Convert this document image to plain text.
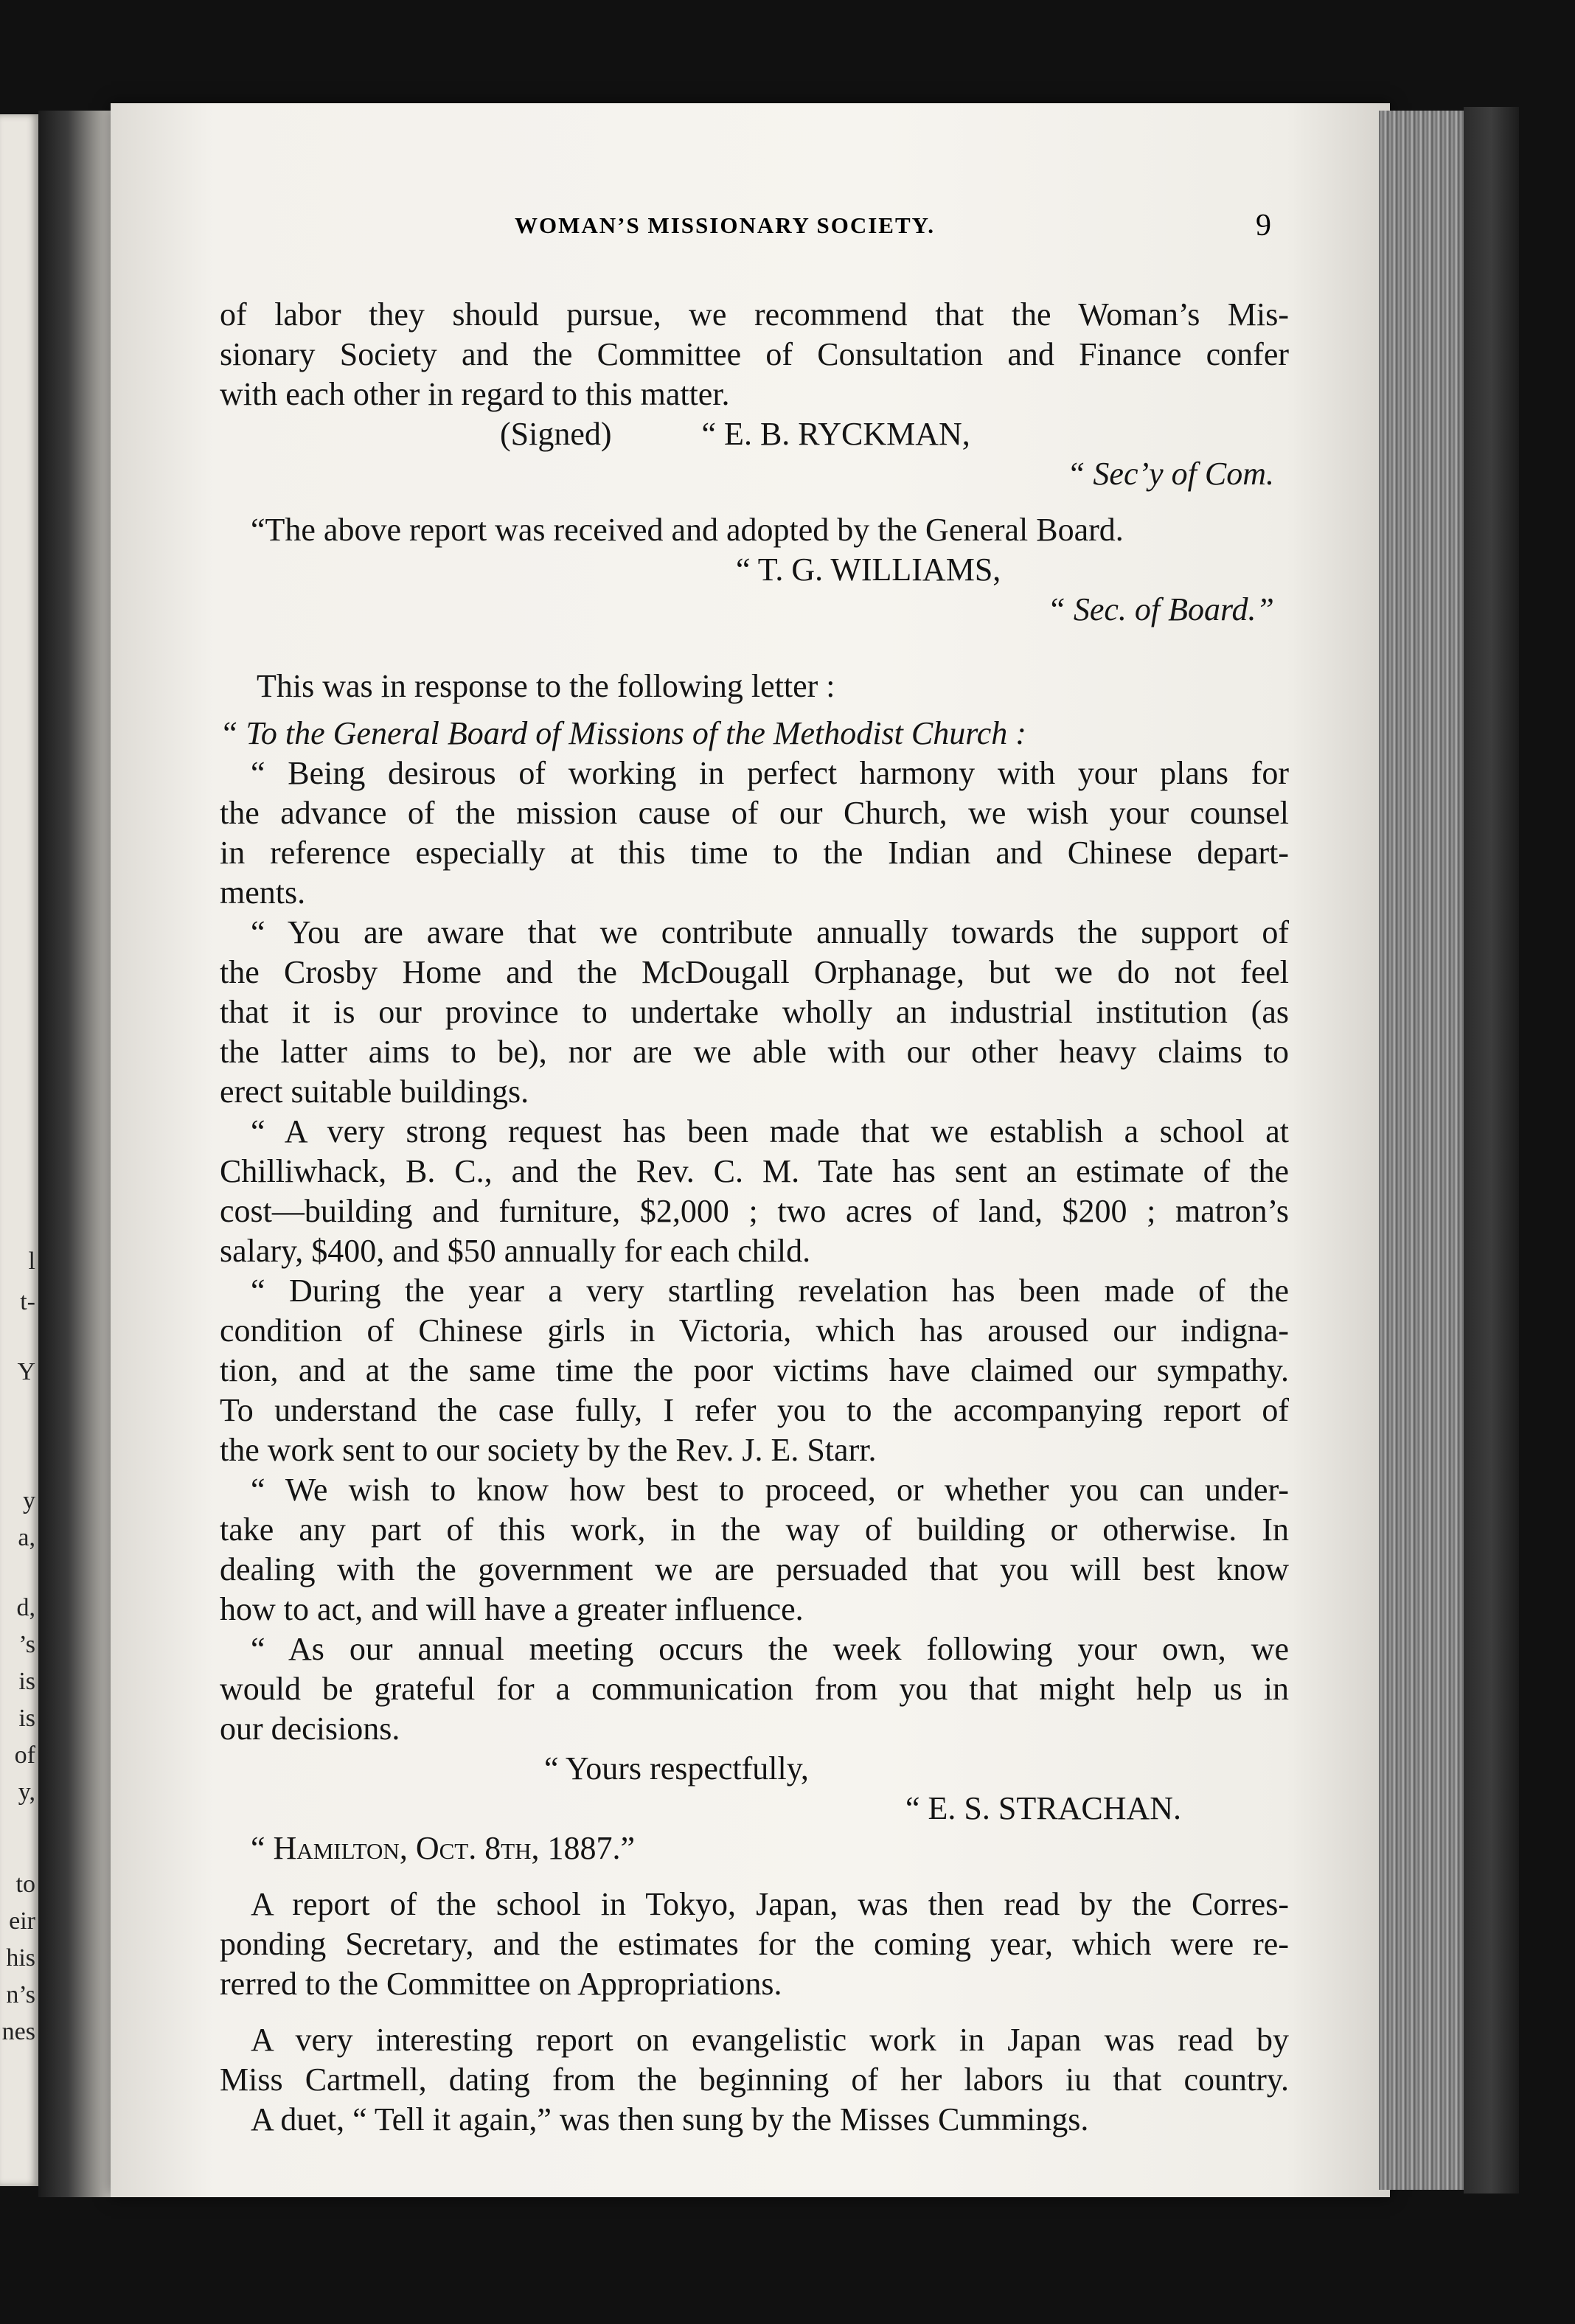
l
t-
Y
y
a,
d,
’s
is
is
of
y,
to
eir
his
n’s
nes
WOMAN’S MISSIONARY SOCIETY.	9
of labor they should pursue, we recommend that the Woman’s Mis-
sionary Society and the Committee of Consultation and Finance confer
with each other in regard to this matter.
(Signed)	“ E. B. RYCKMAN,
“ Sec’y of Com.
“The above report was received and adopted by the General Board.
“ T. G. WILLIAMS,
“ Sec. of Board.”
This was in response to the following letter :
“ To the General Board of Missions of the Methodist Church :
“ Being desirous of working in perfect harmony with your plans for
the advance of the mission cause of our Church, we wish your counsel
in reference especially at this time to the Indian and Chinese depart-
ments.
“ You are aware that we contribute annually towards the support of
the Crosby Home and the McDougall Orphanage, but we do not feel
that it is our province to undertake wholly an industrial institution (as
the latter aims to be), nor are we able with our other heavy claims to
erect suitable buildings.
“ A very strong request has been made that we establish a school at
Chilliwhack, B. C., and the Rev. C. M. Tate has sent an estimate of the
cost—building and furniture, $2,000 ; two acres of land, $200 ; matron’s
salary, $400, and $50 annually for each child.
“ During the year a very startling revelation has been made of the
condition of Chinese girls in Victoria, which has aroused our indigna-
tion, and at the same time the poor victims have claimed our sympathy.
To understand the case fully, I refer you to the accompanying report of
the work sent to our society by the Rev. J. E. Starr.
“ We wish to know how best to proceed, or whether you can under-
take any part of this work, in the way of building or otherwise. In
dealing with the government we are persuaded that you will best know
how to act, and will have a greater influence.
“ As our annual meeting occurs the week following your own, we
would be grateful for a communication from you that might help us in
our decisions.
“ Yours respectfully,
“ E. S. STRACHAN.
“ Hamilton, Oct. 8th, 1887.”
A report of the school in Tokyo, Japan, was then read by the Corres-
ponding Secretary, and the estimates for the coming year, which were re-
rerred to the Committee on Appropriations.
A very interesting report on evangelistic work in Japan was read by
Miss Cartmell, dating from the beginning of her labors iu that country.
A duet, “ Tell it again,” was then sung by the Misses Cummings.
